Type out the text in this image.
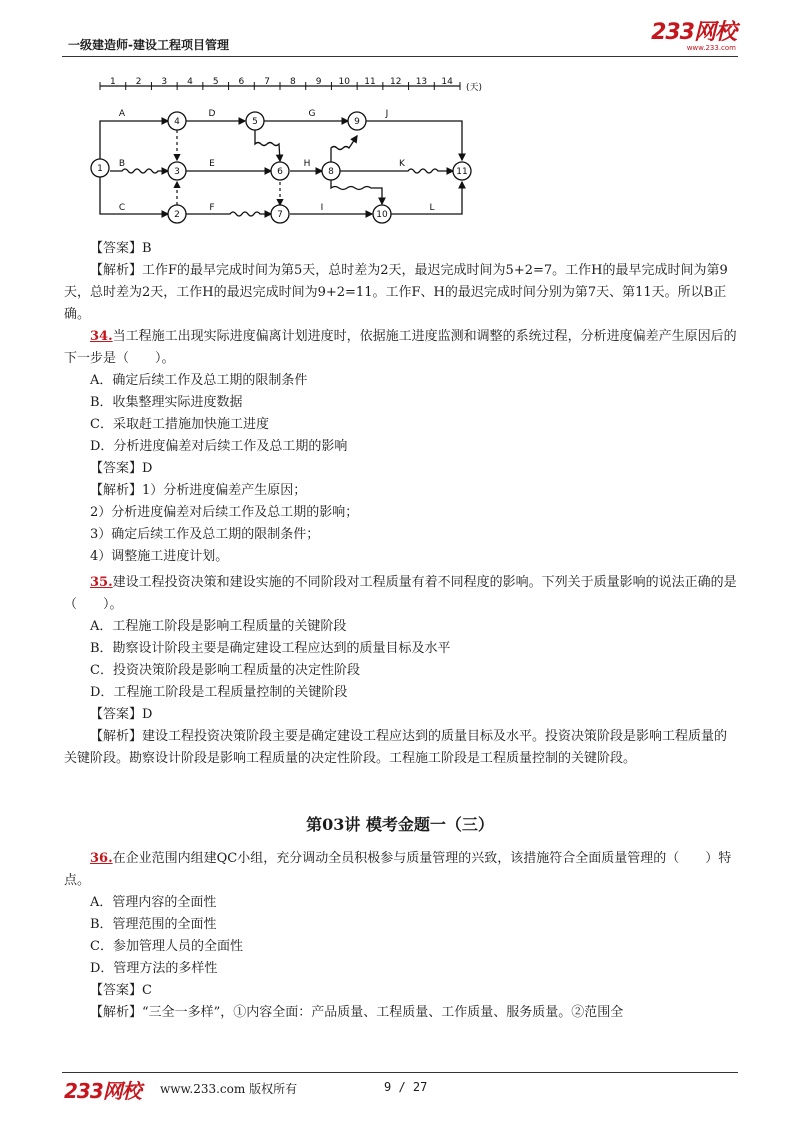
一级建造师-建设工程项目管理	233网校
www.233.com
1 2 3 4 5 6 7 8 9 10 11 12 13 14
(天)
1
2
3
4	5
6
7
8
9
10
11
A
B
C
D
E
F
G
H
I
J
K
L

【答案】B

【解析】工作F的最早完成时间为第5天，总时差为2天，最迟完成时间为5+2=7。工作H的最早完成时间为第9天，总时差为2天，工作H的最迟完成时间为9+2=11。工作F、H的最迟完成时间分别为第7天、第11天。所以B正确。

34.当工程施工出现实际进度偏离计划进度时，依据施工进度监测和调整的系统过程，分析进度偏差产生原因后的下一步是（　　）。

A．确定后续工作及总工期的限制条件

B．收集整理实际进度数据

C．采取赶工措施加快施工进度

D．分析进度偏差对后续工作及总工期的影响

【答案】D

【解析】1）分析进度偏差产生原因；

2）分析进度偏差对后续工作及总工期的影响；

3）确定后续工作及总工期的限制条件；

4）调整施工进度计划。

35.建设工程投资决策和建设实施的不同阶段对工程质量有着不同程度的影响。下列关于质量影响的说法正确的是（　　）。

A．工程施工阶段是影响工程质量的关键阶段

B．勘察设计阶段主要是确定建设工程应达到的质量目标及水平

C．投资决策阶段是影响工程质量的决定性阶段

D．工程施工阶段是工程质量控制的关键阶段

【答案】D

【解析】建设工程投资决策阶段主要是确定建设工程应达到的质量目标及水平。投资决策阶段是影响工程质量的关键阶段。勘察设计阶段是影响工程质量的决定性阶段。工程施工阶段是工程质量控制的关键阶段。

第03讲 模考金题一（三）

36.在企业范围内组建QC小组，充分调动全员积极参与质量管理的兴致，该措施符合全面质量管理的（　　）特点。

A．管理内容的全面性

B．管理范围的全面性

C．参加管理人员的全面性

D．管理方法的多样性

【答案】C

【解析】“三全一多样”，①内容全面：产品质量、工程质量、工作质量、服务质量。②范围全

233网校 www.233.com 版权所有	9 / 27
